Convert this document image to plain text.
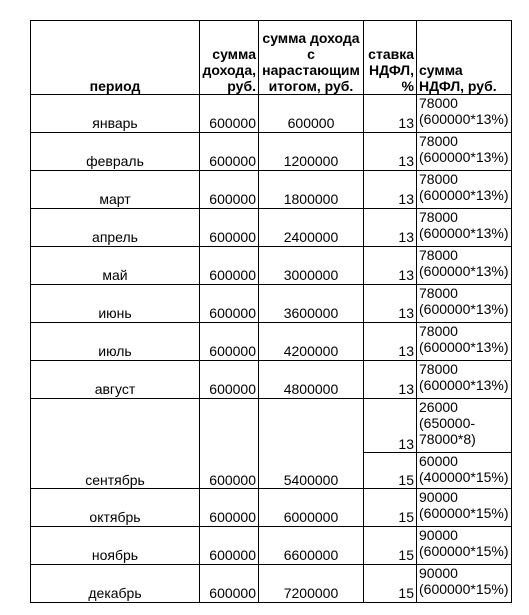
период	сумма дохода, руб.	сумма дохода с нарастающим итогом, руб.	ставка НДФЛ, %	сумма НДФЛ, руб.
январь	600000	600000	13	78000 (600000*13%)
февраль	600000	1200000	13	78000 (600000*13%)
март	600000	1800000	13	78000 (600000*13%)
апрель	600000	2400000	13	78000 (600000*13%)
май	600000	3000000	13	78000 (600000*13%)
июнь	600000	3600000	13	78000 (600000*13%)
июль	600000	4200000	13	78000 (600000*13%)
август	600000	4800000	13	78000 (600000*13%)
сентябрь	600000	5400000	13	26000 (650000-78000*8)
			15	60000 (400000*15%)
октябрь	600000	6000000	15	90000 (600000*15%)
ноябрь	600000	6600000	15	90000 (600000*15%)
декабрь	600000	7200000	15	90000 (600000*15%)
